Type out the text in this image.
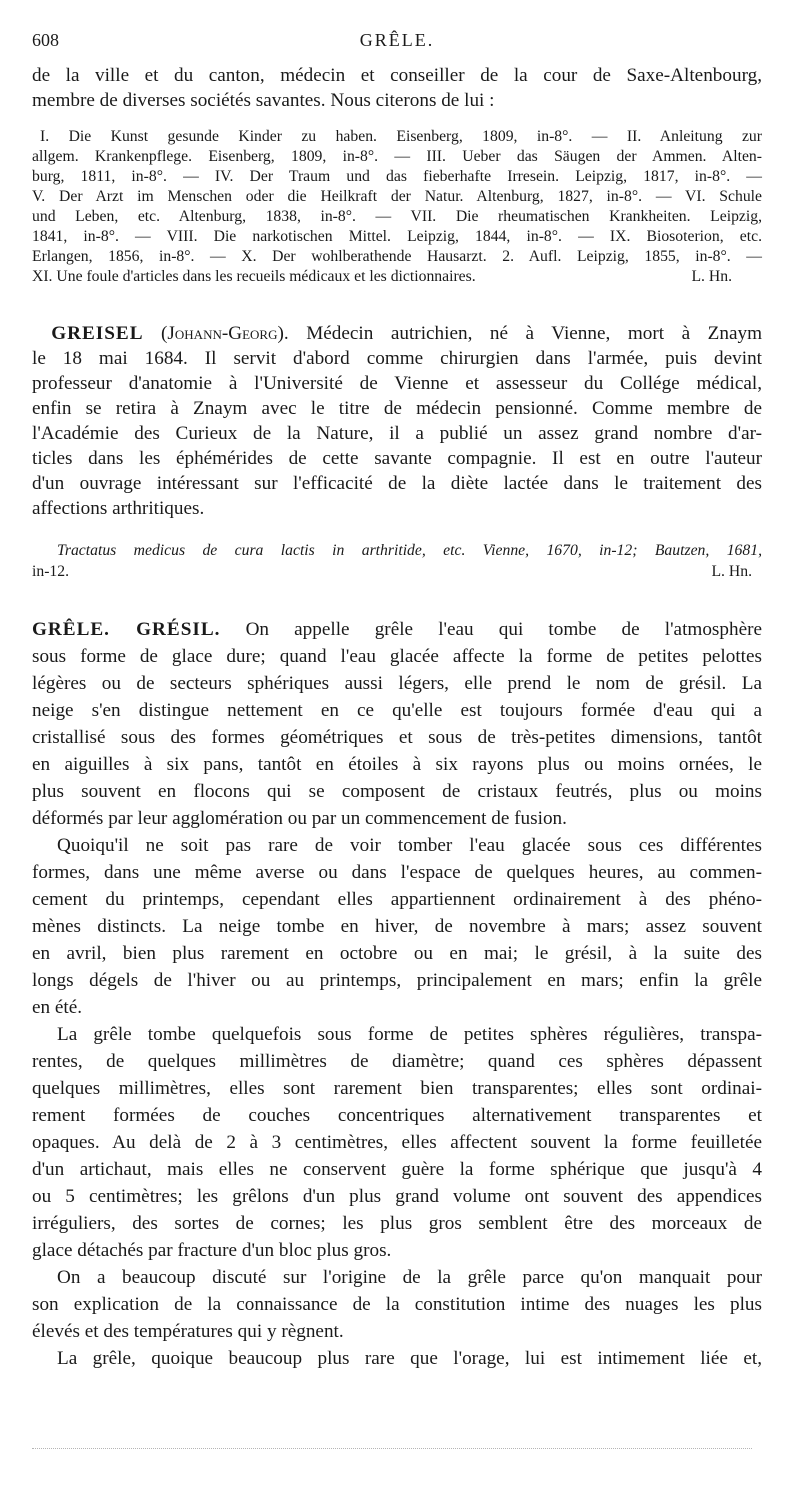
608	GRÊLE.
de la ville et du canton, médecin et conseiller de la cour de Saxe-Altenbourg,
membre de diverses sociétés savantes. Nous citerons de lui :
I. Die Kunst gesunde Kinder zu haben. Eisenberg, 1809, in-8°. — II. Anleitung zur
allgem. Krankenpflege. Eisenberg, 1809, in-8°. — III. Ueber das Säugen der Ammen. Alten-
burg, 1811, in-8°. — IV. Der Traum und das fieberhafte Irresein. Leipzig, 1817, in-8°. —
V. Der Arzt im Menschen oder die Heilkraft der Natur. Altenburg, 1827, in-8°. — VI. Schule
und Leben, etc. Altenburg, 1838, in-8°. — VII. Die rheumatischen Krankheiten. Leipzig,
1841, in-8°. — VIII. Die narkotischen Mittel. Leipzig, 1844, in-8°. — IX. Biosoterion, etc.
Erlangen, 1856, in-8°. — X. Der wohlberathende Hausarzt. 2. Aufl. Leipzig, 1855, in-8°. —
XI. Une foule d'articles dans les recueils médicaux et les dictionnaires.	L. Hn.
 GREISEL (Johann-Georg). Médecin autrichien, né à Vienne, mort à Znaym
le 18 mai 1684. Il servit d'abord comme chirurgien dans l'armée, puis devint
professeur d'anatomie à l'Université de Vienne et assesseur du Collége médical,
enfin se retira à Znaym avec le titre de médecin pensionné. Comme membre de
l'Académie des Curieux de la Nature, il a publié un assez grand nombre d'ar-
ticles dans les éphémérides de cette savante compagnie. Il est en outre l'auteur
d'un ouvrage intéressant sur l'efficacité de la diète lactée dans le traitement des
affections arthritiques.
Tractatus medicus de cura lactis in arthritide, etc. Vienne, 1670, in-12; Bautzen, 1681,
in-12.	L. Hn.
GRÊLE. GRÉSIL. On appelle grêle l'eau qui tombe de l'atmosphère
sous forme de glace dure; quand l'eau glacée affecte la forme de petites pelottes
légères ou de secteurs sphériques aussi légers, elle prend le nom de grésil. La
neige s'en distingue nettement en ce qu'elle est toujours formée d'eau qui a
cristallisé sous des formes géométriques et sous de très-petites dimensions, tantôt
en aiguilles à six pans, tantôt en étoiles à six rayons plus ou moins ornées, le
plus souvent en flocons qui se composent de cristaux feutrés, plus ou moins
déformés par leur agglomération ou par un commencement de fusion.
Quoiqu'il ne soit pas rare de voir tomber l'eau glacée sous ces différentes
formes, dans une même averse ou dans l'espace de quelques heures, au commen-
cement du printemps, cependant elles appartiennent ordinairement à des phéno-
mènes distincts. La neige tombe en hiver, de novembre à mars; assez souvent
en avril, bien plus rarement en octobre ou en mai; le grésil, à la suite des
longs dégels de l'hiver ou au printemps, principalement en mars; enfin la grêle
en été.
La grêle tombe quelquefois sous forme de petites sphères régulières, transpa-
rentes, de quelques millimètres de diamètre; quand ces sphères dépassent
quelques millimètres, elles sont rarement bien transparentes; elles sont ordinai-
rement formées de couches concentriques alternativement transparentes et
opaques. Au delà de 2 à 3 centimètres, elles affectent souvent la forme feuilletée
d'un artichaut, mais elles ne conservent guère la forme sphérique que jusqu'à 4
ou 5 centimètres; les grêlons d'un plus grand volume ont souvent des appendices
irréguliers, des sortes de cornes; les plus gros semblent être des morceaux de
glace détachés par fracture d'un bloc plus gros.
On a beaucoup discuté sur l'origine de la grêle parce qu'on manquait pour
son explication de la connaissance de la constitution intime des nuages les plus
élevés et des températures qui y règnent.
La grêle, quoique beaucoup plus rare que l'orage, lui est intimement liée et,
